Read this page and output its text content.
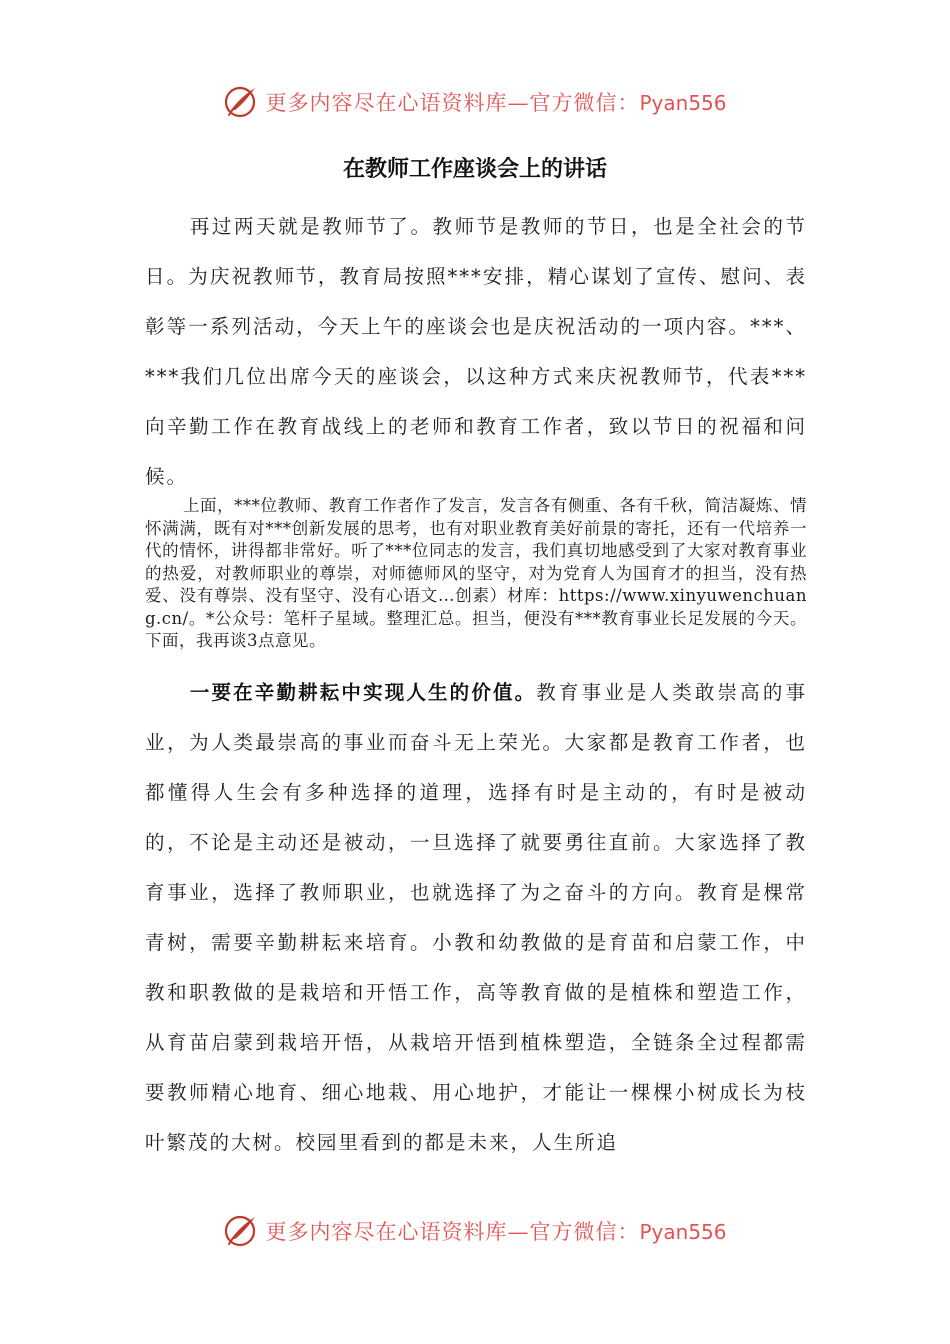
更多内容尽在心语资料库—官方微信：Pyan556
在教师工作座谈会上的讲话

再过两天就是教师节了。教师节是教师的节日，也是全社会的节日。为庆祝教师节，教育局按照***安排，精心谋划了宣传、慰问、表彰等一系列活动，今天上午的座谈会也是庆祝活动的一项内容。***、***我们几位出席今天的座谈会，以这种方式来庆祝教师节，代表***向辛勤工作在教育战线上的老师和教育工作者，致以节日的祝福和问候。

上面，***位教师、教育工作者作了发言，发言各有侧重、各有千秋，简洁凝炼、情怀满满，既有对***创新发展的思考，也有对职业教育美好前景的寄托，还有一代培养一代的情怀，讲得都非常好。听了***位同志的发言，我们真切地感受到了大家对教育事业的热爱，对教师职业的尊崇，对师德师风的坚守，对为党育人为国育才的担当，没有热爱、没有尊崇、没有坚守、没有心语文…创素）材库：https://www.xinyuwenchuang.cn/。*公众号：笔杆子星域。整理汇总。担当，便没有***教育事业长足发展的今天。下面，我再谈3点意见。

一要在辛勤耕耘中实现人生的价值。教育事业是人类敢崇高的事业，为人类最崇高的事业而奋斗无上荣光。大家都是教育工作者，也都懂得人生会有多种选择的道理，选择有时是主动的，有时是被动的，不论是主动还是被动，一旦选择了就要勇往直前。大家选择了教育事业，选择了教师职业，也就选择了为之奋斗的方向。教育是棵常青树，需要辛勤耕耘来培育。小教和幼教做的是育苗和启蒙工作，中教和职教做的是栽培和开悟工作，高等教育做的是植株和塑造工作，从育苗启蒙到栽培开悟，从栽培开悟到植株塑造，全链条全过程都需要教师精心地育、细心地栽、用心地护，才能让一棵棵小树成长为枝叶繁茂的大树。校园里看到的都是未来，人生所追

更多内容尽在心语资料库—官方微信：Pyan556
